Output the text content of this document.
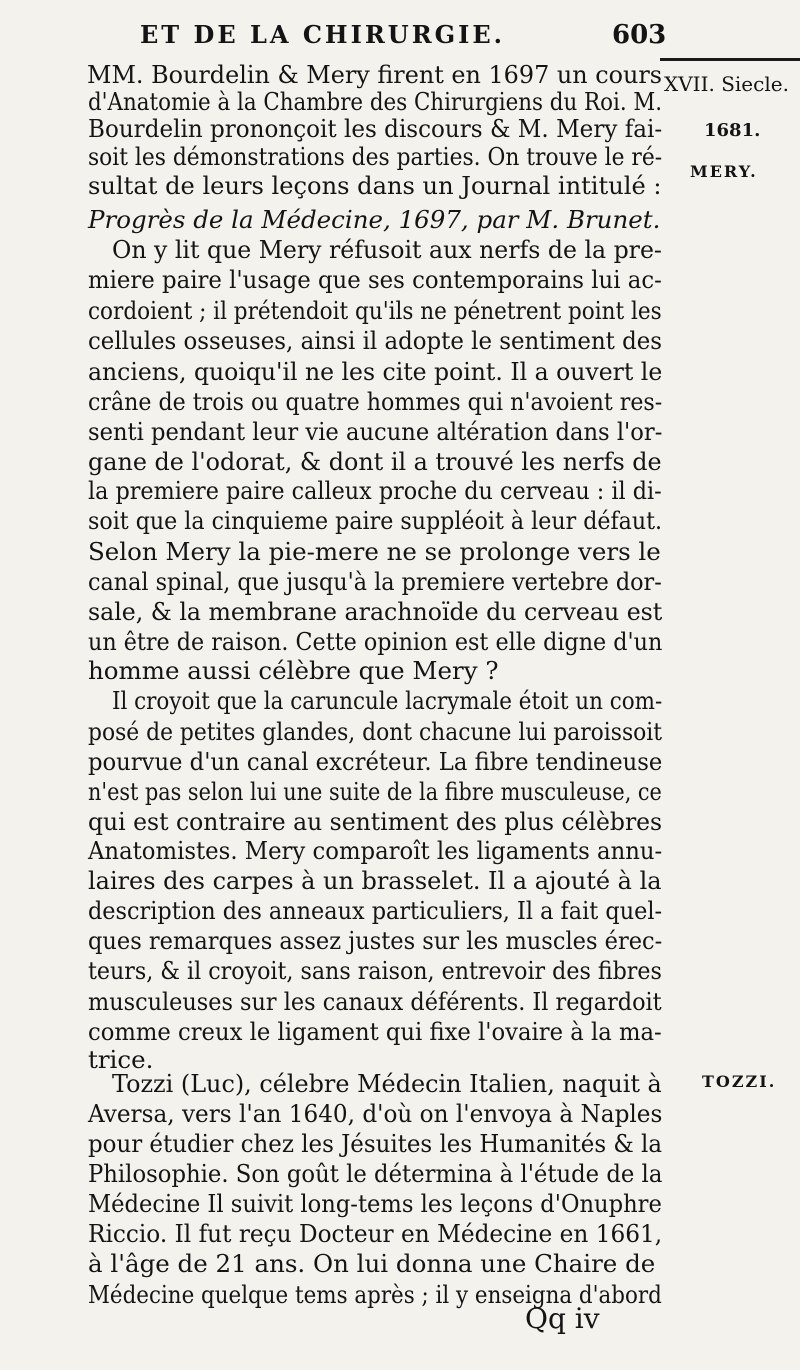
ET DE LA CHIRURGIE.	603
XVII. Siecle.
1681.
MERY.
TOZZI.
MM. Bourdelin & Mery firent en 1697 un cours
d'Anatomie à la Chambre des Chirurgiens du Roi. M.
Bourdelin prononçoit les discours & M. Mery fai-
soit les démonstrations des parties. On trouve le ré-
sultat de leurs leçons dans un Journal intitulé :
Progrès de la Médecine, 1697, par M. Brunet.
On y lit que Mery réfusoit aux nerfs de la pre-
miere paire l'usage que ses contemporains lui ac-
cordoient ; il prétendoit qu'ils ne pénetrent point les
cellules osseuses, ainsi il adopte le sentiment des
anciens, quoiqu'il ne les cite point. Il a ouvert le
crâne de trois ou quatre hommes qui n'avoient res-
senti pendant leur vie aucune altération dans l'or-
gane de l'odorat, & dont il a trouvé les nerfs de
la premiere paire calleux proche du cerveau : il di-
soit que la cinquieme paire suppléoit à leur défaut.
Selon Mery la pie-mere ne se prolonge vers le
canal spinal, que jusqu'à la premiere vertebre dor-
sale, & la membrane arachnoïde du cerveau est
un être de raison. Cette opinion est elle digne d'un
homme aussi célèbre que Mery ?
Il croyoit que la caruncule lacrymale étoit un com-
posé de petites glandes, dont chacune lui paroissoit
pourvue d'un canal excréteur. La fibre tendineuse
n'est pas selon lui une suite de la fibre musculeuse, ce
qui est contraire au sentiment des plus célèbres
Anatomistes. Mery comparoît les ligaments annu-
laires des carpes à un brasselet. Il a ajouté à la
description des anneaux particuliers, Il a fait quel-
ques remarques assez justes sur les muscles érec-
teurs, & il croyoit, sans raison, entrevoir des fibres
musculeuses sur les canaux déférents. Il regardoit
comme creux le ligament qui fixe l'ovaire à la ma-
trice.
Tozzi (Luc), célebre Médecin Italien, naquit à
Aversa, vers l'an 1640, d'où on l'envoya à Naples
pour étudier chez les Jésuites les Humanités & la
Philosophie. Son goût le détermina à l'étude de la
Médecine Il suivit long-tems les leçons d'Onuphre
Riccio. Il fut reçu Docteur en Médecine en 1661,
à l'âge de 21 ans. On lui donna une Chaire de
Médecine quelque tems après ; il y enseigna d'abord
Qq iv
